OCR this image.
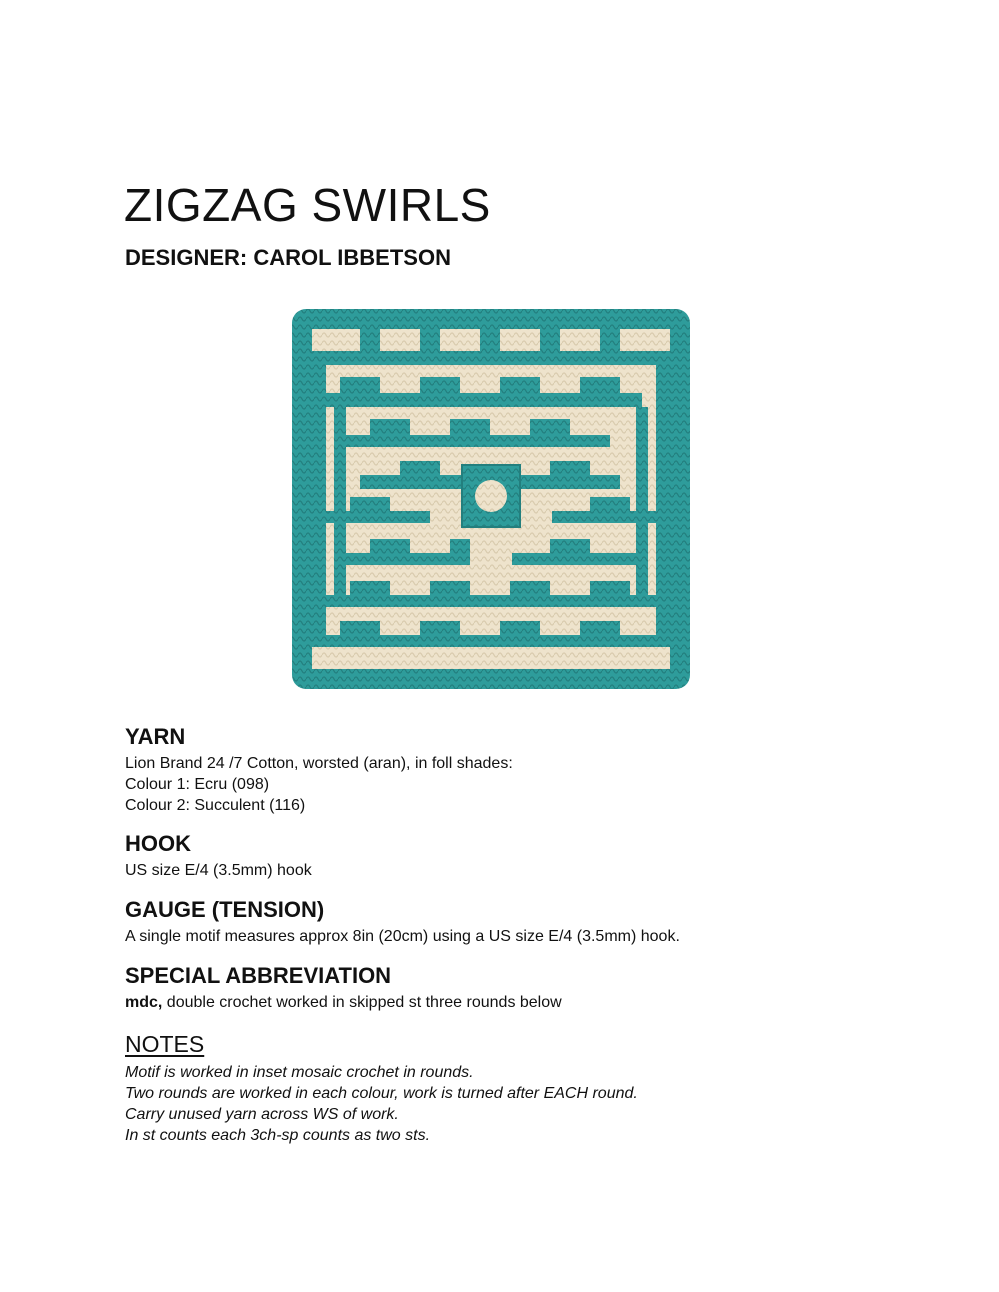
ZIGZAG SWIRLS
DESIGNER: CAROL IBBETSON
YARN
Lion Brand 24 /7 Cotton, worsted (aran), in foll shades:
Colour 1: Ecru (098)
Colour 2: Succulent (116)
HOOK
US size E/4 (3.5mm) hook
GAUGE (TENSION)
A single motif measures approx 8in (20cm) using a US size E/4 (3.5mm) hook.
SPECIAL ABBREVIATION
mdc, double crochet worked in skipped st three rounds below
NOTES
Motif is worked in inset mosaic crochet in rounds.
Two rounds are worked in each colour, work is turned after EACH round.
Carry unused yarn across WS of work.
In st counts each 3ch-sp counts as two sts.
